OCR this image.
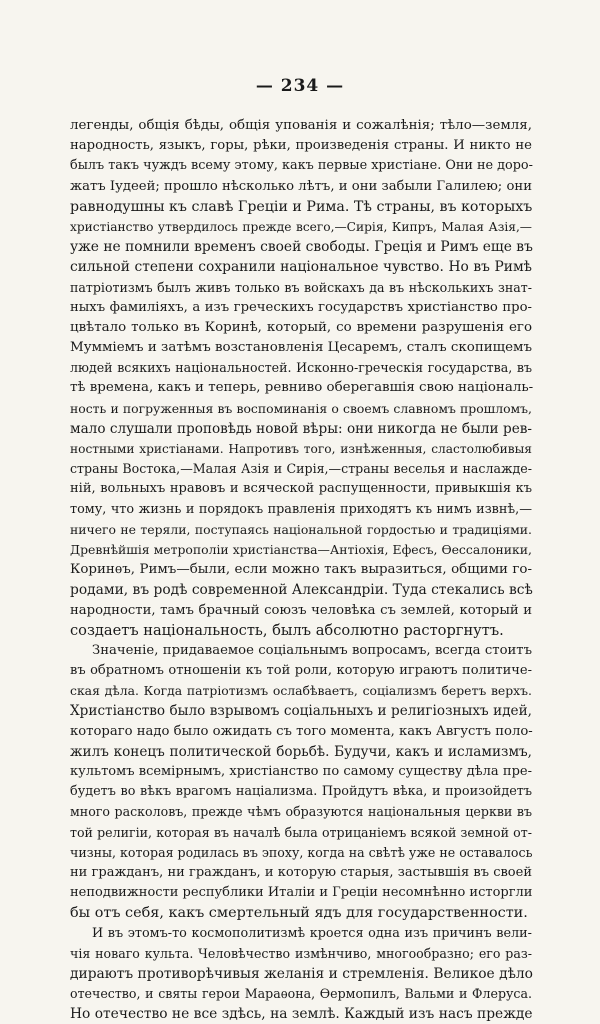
— 234 —
легенды, общія бѣды, общія упованія и сожалѣнія; тѣло—земля,
народность, языкъ, горы, рѣки, произведенія страны. И никто не
былъ такъ чуждъ всему этому, какъ первые христіане. Они не доро-
жатъ Іудеей; прошло нѣсколько лѣтъ, и они забыли Галилею; они
равнодушны къ славѣ Греціи и Рима. Тѣ страны, въ которыхъ
христіанство утвердилось прежде всего,—Сирія, Кипръ, Малая Азія,—
уже не помнили временъ своей свободы. Греція и Римъ еще въ
сильной степени сохранили національное чувство. Но въ Римѣ
патріотизмъ былъ живъ только въ войскахъ да въ нѣсколькихъ знат-
ныхъ фамиліяхъ, а изъ греческихъ государствъ христіанство про-
цвѣтало только въ Коринѣ, который, со времени разрушенія его
Мумміемъ и затѣмъ возстановленія Цесаремъ, сталъ скопищемъ
людей всякихъ національностей. Исконно-греческія государства, въ
тѣ времена, какъ и теперь, ревниво оберегавшія свою національ-
ность и погруженныя въ воспоминанія о своемъ славномъ прошломъ,
мало слушали проповѣдь новой вѣры: они никогда не были рев-
ностными христіанами. Напротивъ того, изнѣженныя, сластолюбивыя
страны Востока,—Малая Азія и Сирія,—страны веселья и наслажде-
ній, вольныхъ нравовъ и всяческой распущенности, привыкшія къ
тому, что жизнь и порядокъ правленія приходятъ къ нимъ извнѣ,—
ничего не теряли, поступаясь національной гордостью и традиціями.
Древнѣйшія метрополіи христіанства—Антіохія, Ефесъ, Ѳессалоники,
Коринѳъ, Римъ—были, если можно такъ выразиться, общими го-
родами, въ родѣ современной Александріи. Туда стекались всѣ
народности, тамъ брачный союзъ человѣка съ землей, который и
создаетъ національность, былъ абсолютно расторгнутъ.
Значеніе, придаваемое соціальнымъ вопросамъ, всегда стоитъ
въ обратномъ отношеніи къ той роли, которую играютъ политиче-
ская дѣла. Когда патріотизмъ ослабѣваетъ, соціализмъ беретъ верхъ.
Христіанство было взрывомъ соціальныхъ и религіозныхъ идей,
котораго надо было ожидать съ того момента, какъ Августъ поло-
жилъ конецъ политической борьбѣ. Будучи, какъ и исламизмъ,
культомъ всемірнымъ, христіанство по самому существу дѣла пре-
будетъ во вѣкъ врагомъ націализма. Пройдутъ вѣка, и произойдетъ
много расколовъ, прежде чѣмъ образуются національныя церкви въ
той религіи, которая въ началѣ была отрицаніемъ всякой земной от-
чизны, которая родилась въ эпоху, когда на свѣтѣ уже не оставалось
ни гражданъ, ни гражданъ, и которую старыя, застывшія въ своей
неподвижности республики Италіи и Греціи несомнѣнно исторгли
бы отъ себя, какъ смертельный ядъ для государственности.
И въ этомъ-то космополитизмѣ кроется одна изъ причинъ вели-
чія новаго культа. Человѣчество измѣнчиво, многообразно; его раз-
дираютъ противорѣчивыя желанія и стремленія. Великое дѣло
отечество, и святы герои Мараѳона, Ѳермопилъ, Вальми и Флеруса.
Но отечество не все здѣсь, на землѣ. Каждый изъ насъ прежде
